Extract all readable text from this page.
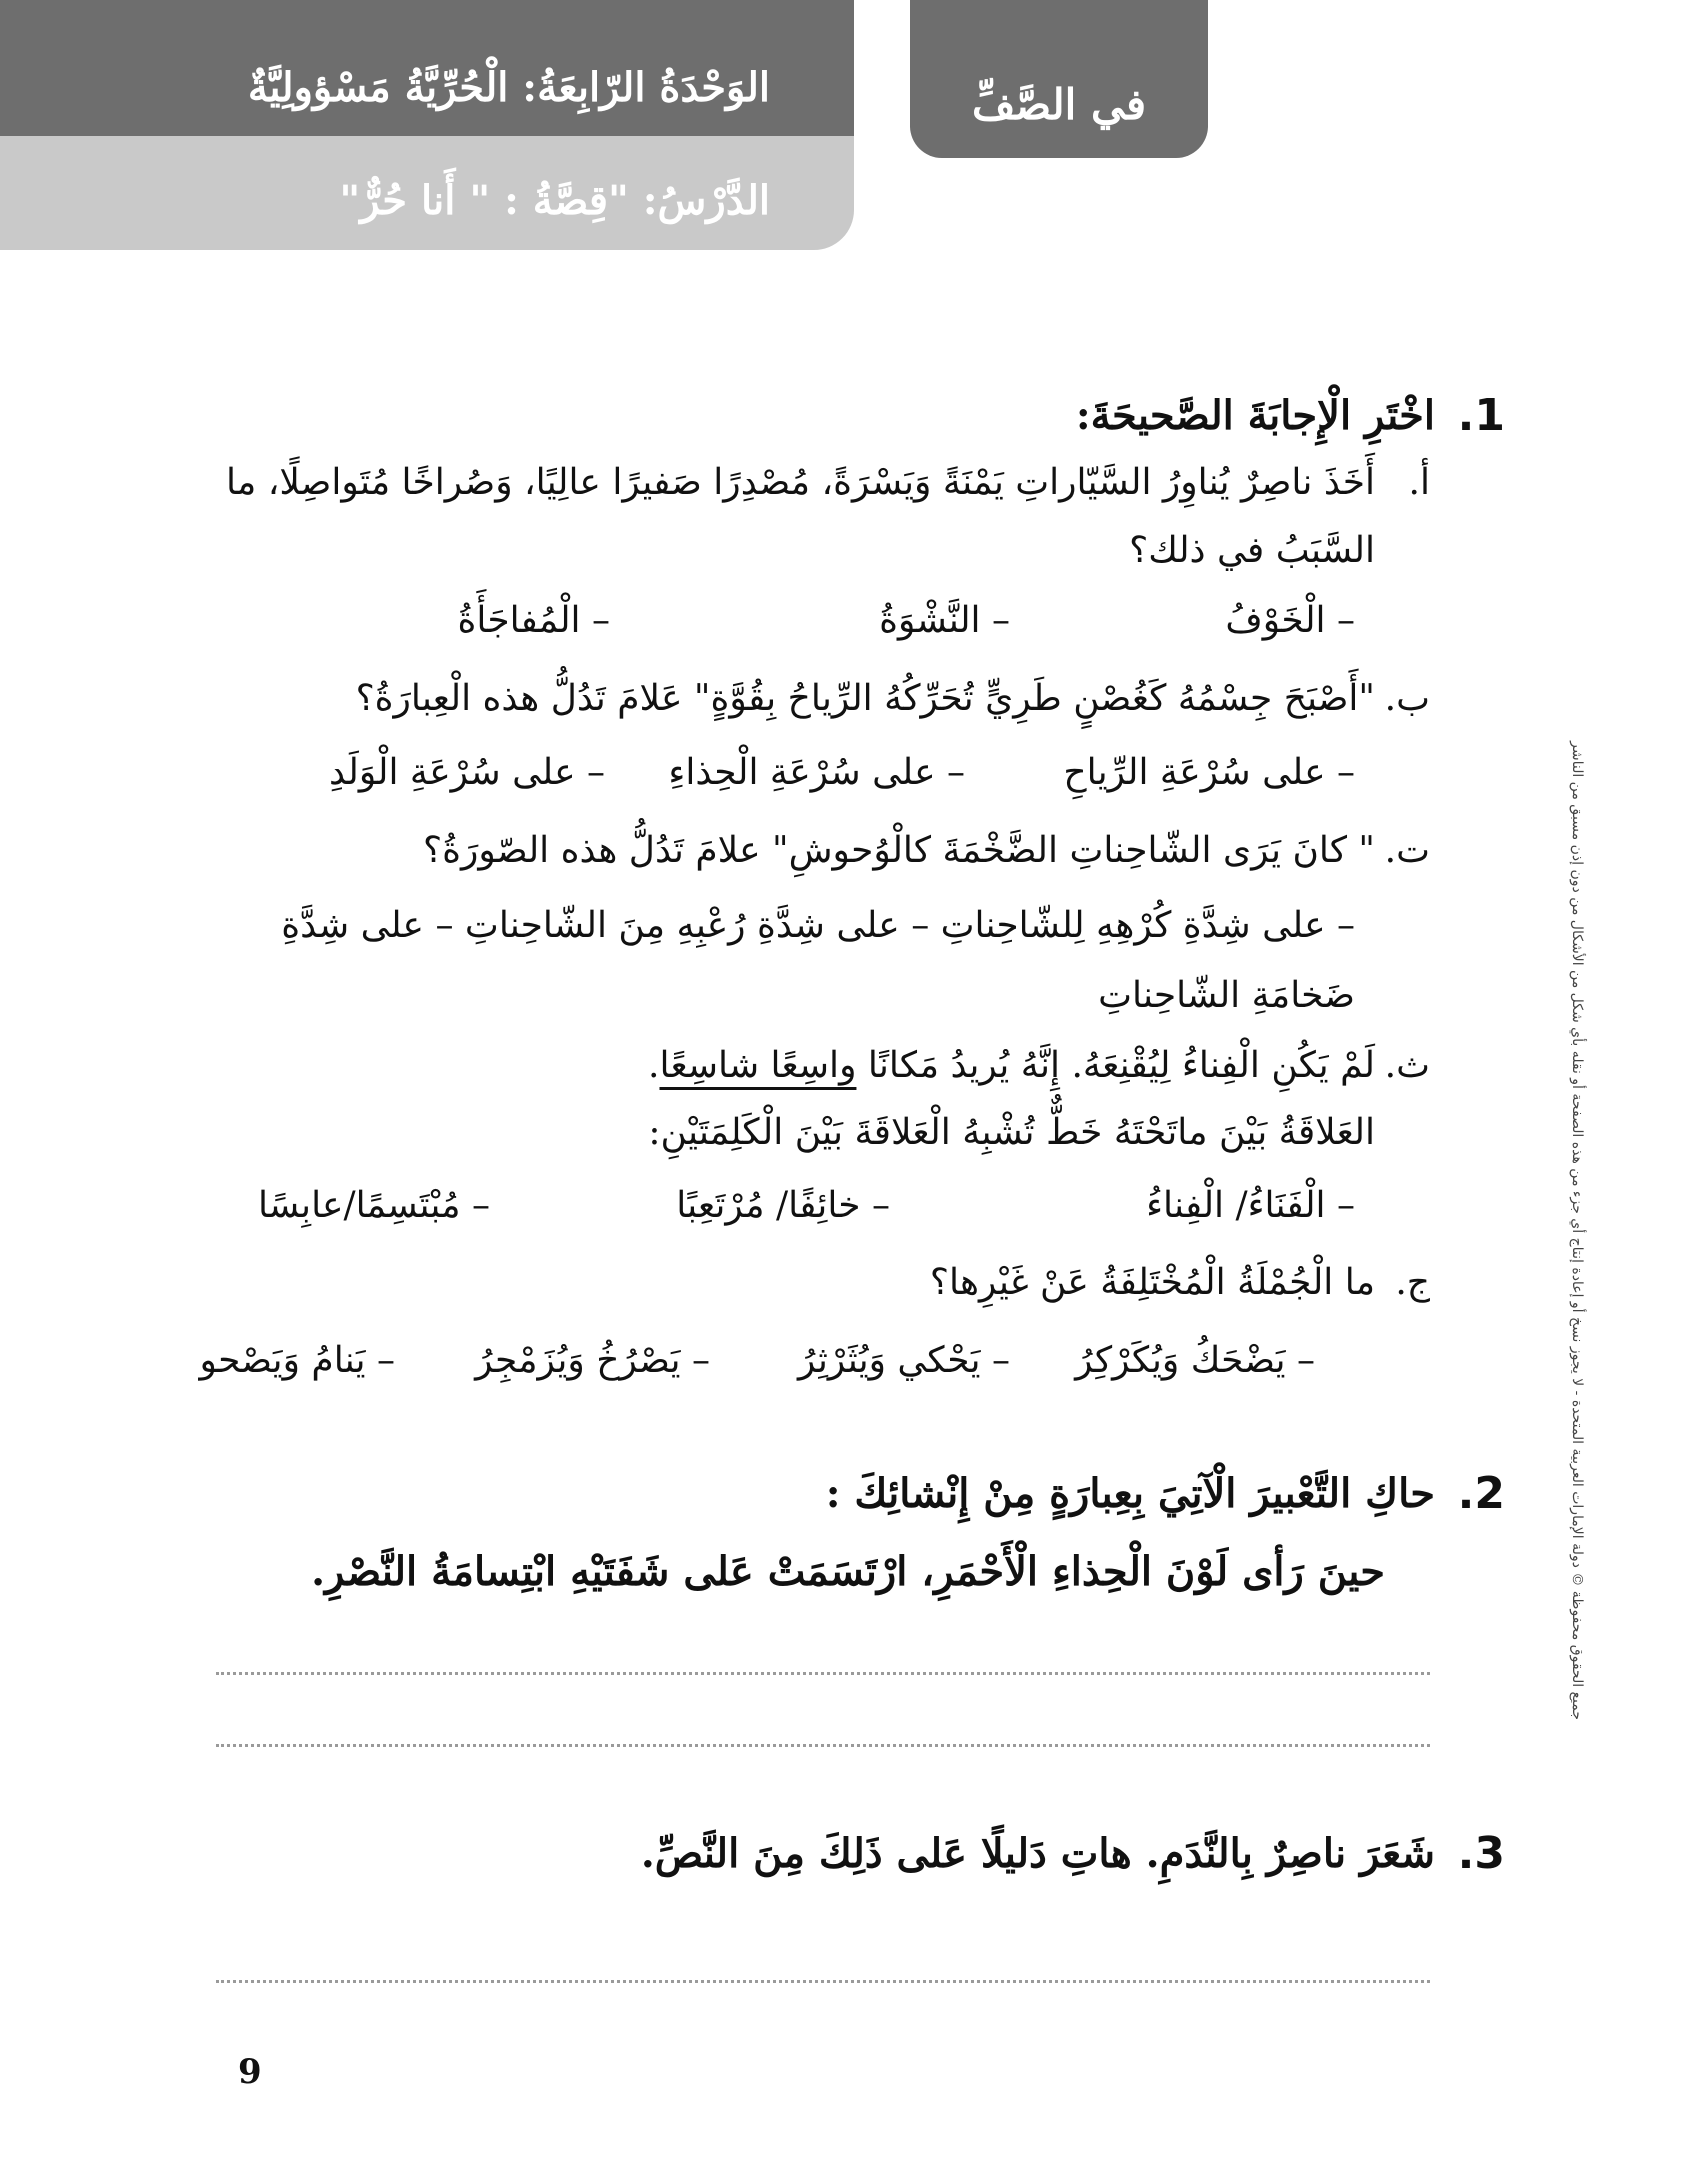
الوَحْدَةُ الرّابِعَةُ: الْحُرِّيَّةُ مَسْؤولِيَّةٌ
الدَّرْسُ: "قِصَّةُ : " أَنا حُرٌّ"
في الصَّفِّ
جميع الحقوق محفوظة © دولة الإمارات العربية المتحدة - لا يجوز نسخ أو إعادة إنتاج أي جزء من هذه الصفحة أو نقله بأي شكل من الأشكال من دون إذن مسبق من الناشر
1.
اخْتَرِ الْإِجابَةَ الصَّحيحَةَ:
أ.
أَخَذَ ناصِرٌ يُناوِرُ السَّيّاراتِ يَمْنَةً وَيَسْرَةً، مُصْدِرًا صَفيرًا عالِيًا، وَصُراخًا مُتَواصِلًا، ما
السَّبَبُ في ذلك؟
– الْخَوْفُ
– النَّشْوَةُ
– الْمُفاجَأَةُ
ب.
"أَصْبَحَ جِسْمُهُ كَغُصْنٍ طَرِيٍّ تُحَرِّكُهُ الرِّياحُ بِقُوَّةٍ" عَلامَ تَدُلُّ هذه الْعِبارَةُ؟
– على سُرْعَةِ الرِّياحِ
– على سُرْعَةِ الْحِذاءِ
– على سُرْعَةِ الْوَلَدِ
ت.
" كانَ يَرَى الشّاحِناتِ الضَّخْمَةَ كالْوُحوشِ" علامَ تَدُلُّ هذه الصّورَةُ؟
– على شِدَّةِ كُرْهِهِ لِلشّاحِناتِ – على شِدَّةِ رُعْبِهِ مِنَ الشّاحِناتِ – على شِدَّةِ
ضَخامَةِ الشّاحِناتِ
ث.
لَمْ يَكُنِ الْفِناءُ لِيُقْنِعَهُ. إِنَّهُ يُريدُ مَكانًا واسِعًا شاسِعًا.
العَلاقَةُ بَيْنَ ماتَحْتَهُ خَطٌّ تُشْبِهُ الْعَلاقَةَ بَيْنَ الْكَلِمَتَيْنِ:
– الْفَنَاءُ/ الْفِناءُ
– خائِفًا/ مُرْتَعِبًا
– مُبْتَسِمًا/عابِسًا
ج.
ما الْجُمْلَةُ الْمُخْتَلِفَةُ عَنْ غَيْرِها؟
– يَضْحَكُ وَيُكَرْكِرُ
– يَحْكي وَيُثَرْثِرُ
– يَصْرُخُ وَيُزَمْجِرُ
– يَنامُ وَيَصْحو
2.
حاكِ التَّعْبيرَ الْآتِيَ بِعِبارَةٍ مِنْ إِنْشائِكَ :
حينَ رَأى لَوْنَ الْحِذاءِ الْأَحْمَرِ، ارْتَسَمَتْ عَلى شَفَتَيْهِ ابْتِسامَةُ النَّصْرِ.
3.
شَعَرَ ناصِرٌ بِالنَّدَمِ. هاتِ دَليلًا عَلى ذَلِكَ مِنَ النَّصِّ.
9
